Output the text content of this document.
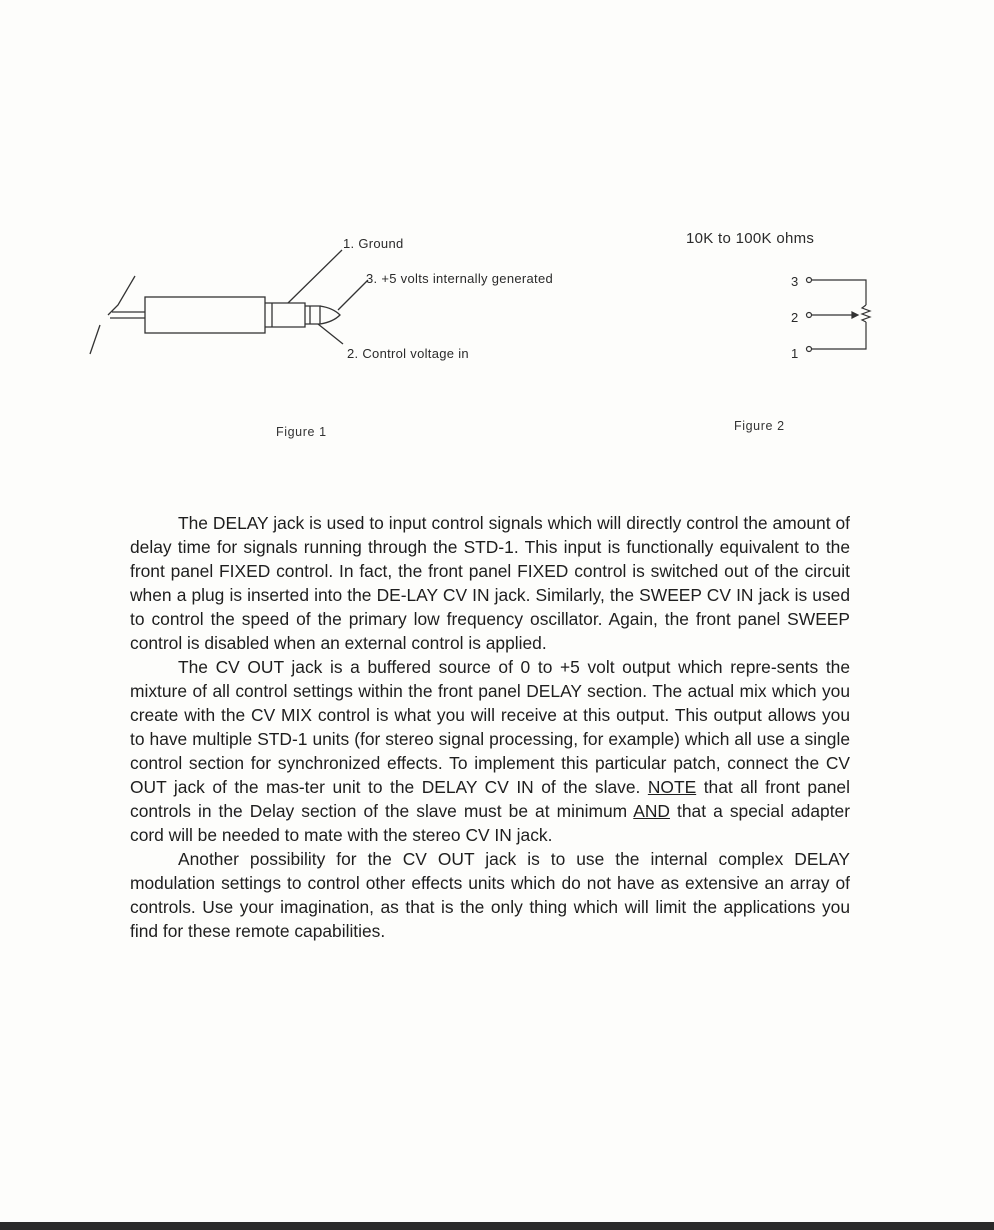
1. Ground
3. +5 volts internally generated
2. Control voltage in
Figure 1
10K to 100K ohms
3
2
1
Figure 2

The DELAY jack is used to input control signals which will directly control the amount of delay time for signals running through the STD-1. This input is functionally equivalent to the front panel FIXED control. In fact, the front panel FIXED control is switched out of the circuit when a plug is inserted into the DE-LAY CV IN jack. Similarly, the SWEEP CV IN jack is used to control the speed of the primary low frequency oscillator. Again, the front panel SWEEP control is disabled when an external control is applied.

The CV OUT jack is a buffered source of 0 to +5 volt output which repre-sents the mixture of all control settings within the front panel DELAY section. The actual mix which you create with the CV MIX control is what you will receive at this output. This output allows you to have multiple STD-1 units (for stereo signal processing, for example) which all use a single control section for synchronized effects. To implement this particular patch, connect the CV OUT jack of the mas-ter unit to the DELAY CV IN of the slave. NOTE that all front panel controls in the Delay section of the slave must be at minimum AND that a special adapter cord will be needed to mate with the stereo CV IN jack.

Another possibility for the CV OUT jack is to use the internal complex DELAY modulation settings to control other effects units which do not have as extensive an array of controls. Use your imagination, as that is the only thing which will limit the applications you find for these remote capabilities.
